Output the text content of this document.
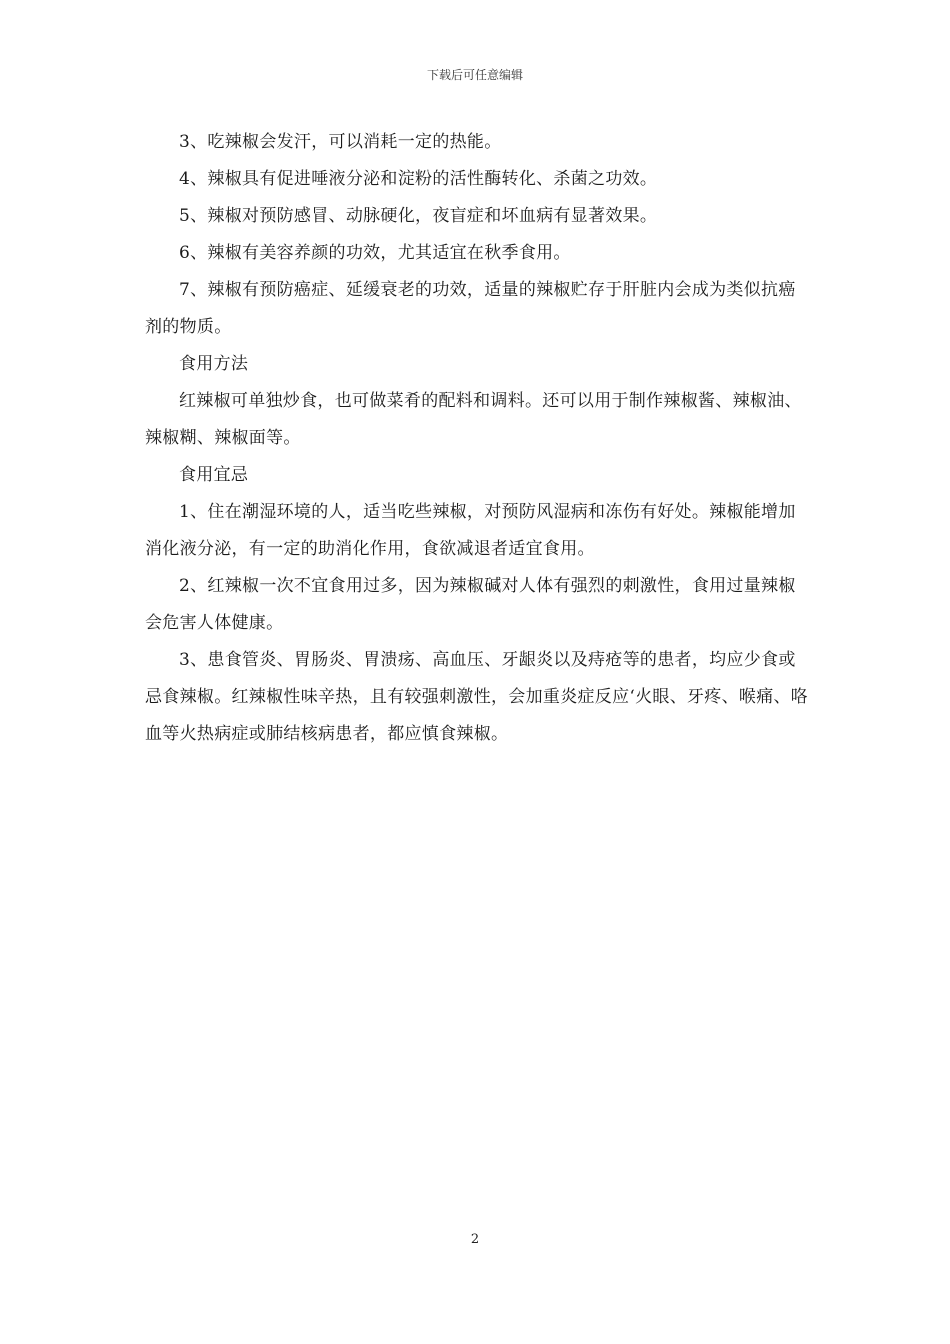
下载后可任意编辑

3、吃辣椒会发汗，可以消耗一定的热能。

4、辣椒具有促进唾液分泌和淀粉的活性酶转化、杀菌之功效。

5、辣椒对预防感冒、动脉硬化，夜盲症和坏血病有显著效果。

6、辣椒有美容养颜的功效，尤其适宜在秋季食用。

7、辣椒有预防癌症、延缓衰老的功效，适量的辣椒贮存于肝脏内会成为类似抗癌剂的物质。

食用方法

红辣椒可单独炒食，也可做菜肴的配料和调料。还可以用于制作辣椒酱、辣椒油、辣椒糊、辣椒面等。

食用宜忌

1、住在潮湿环境的人，适当吃些辣椒，对预防风湿病和冻伤有好处。辣椒能增加消化液分泌，有一定的助消化作用，食欲减退者适宜食用。

2、红辣椒一次不宜食用过多，因为辣椒碱对人体有强烈的刺激性，食用过量辣椒会危害人体健康。

3、患食管炎、胃肠炎、胃溃疡、高血压、牙龈炎以及痔疮等的患者，均应少食或忌食辣椒。红辣椒性味辛热，且有较强刺激性，会加重炎症反应‘火眼、牙疼、喉痛、咯血等火热病症或肺结核病患者，都应慎食辣椒。

2
